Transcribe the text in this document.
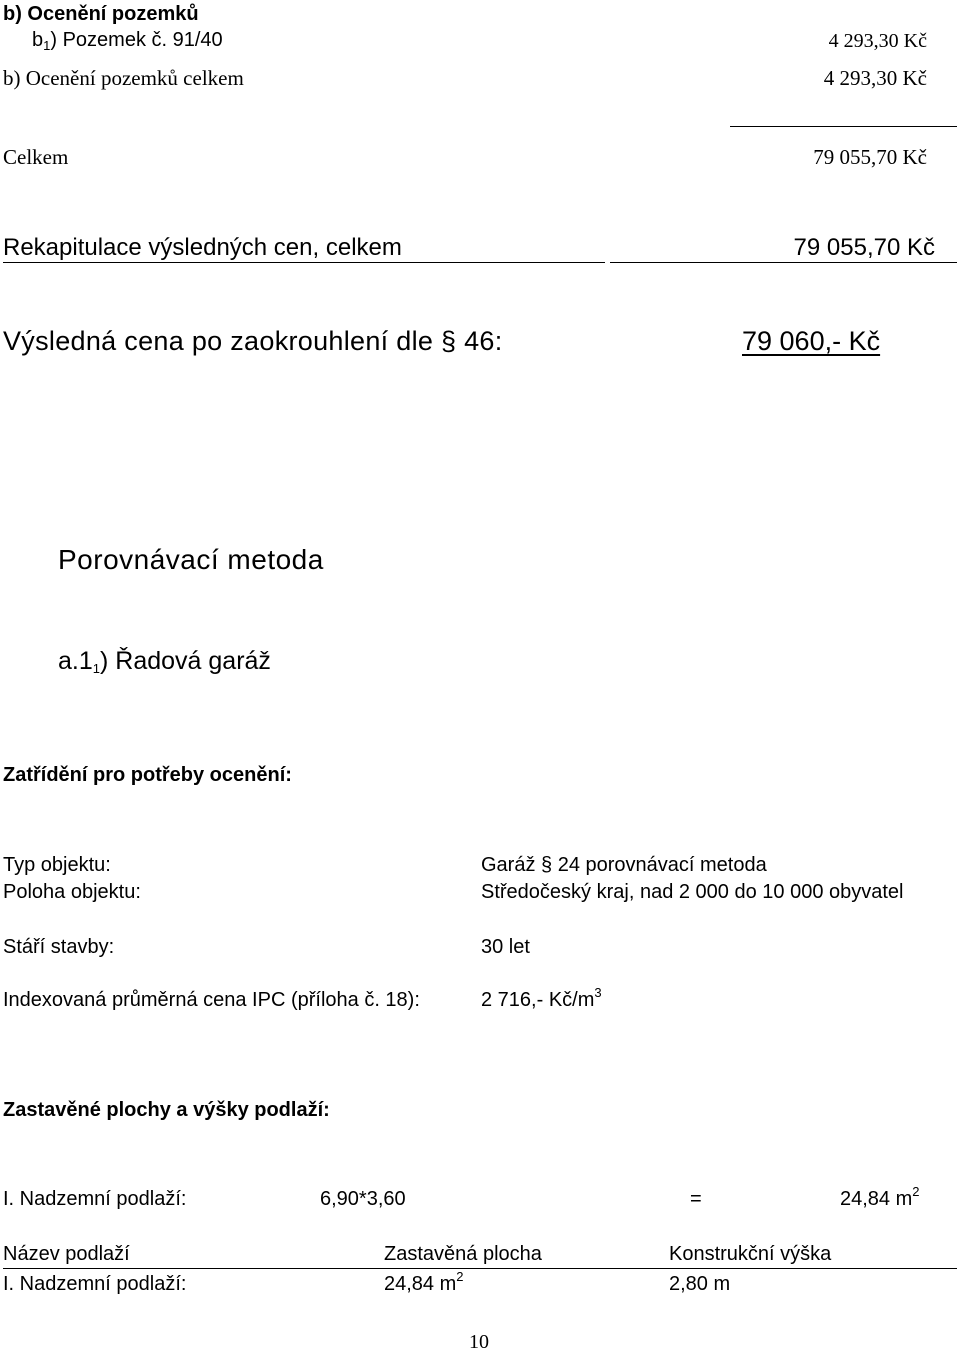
b) Ocenění pozemků
$b_1$) Pozemek č. 91/40	4 293,30 Kč
b) Ocenění pozemků celkem	4 293,30 Kč
Celkem	79 055,70 Kč
Rekapitulace výsledných cen, celkem	79 055,70 Kč
Výsledná cena po zaokrouhlení dle § 46:	79 060,- Kč
Porovnávací metoda
$a.1_1$) Řadová garáž
Zatřídění pro potřeby ocenění:
Typ objektu:	Garáž § 24 porovnávací metoda
Poloha objektu:	Středočeský kraj, nad 2 000 do 10 000 obyvatel
Stáří stavby:	30 let
Indexovaná průměrná cena IPC (příloha č. 18):	2 716,- $Kč/m^3$
Zastavěné plochy a výšky podlaží:
I. Nadzemní podlaží:	6,90*3,60	=	24,84 $m^2$
Název podlaží	Zastavěná plocha	Konstrukční výška
I. Nadzemní podlaží:	24,84 $m^2$	2,80 m
10
